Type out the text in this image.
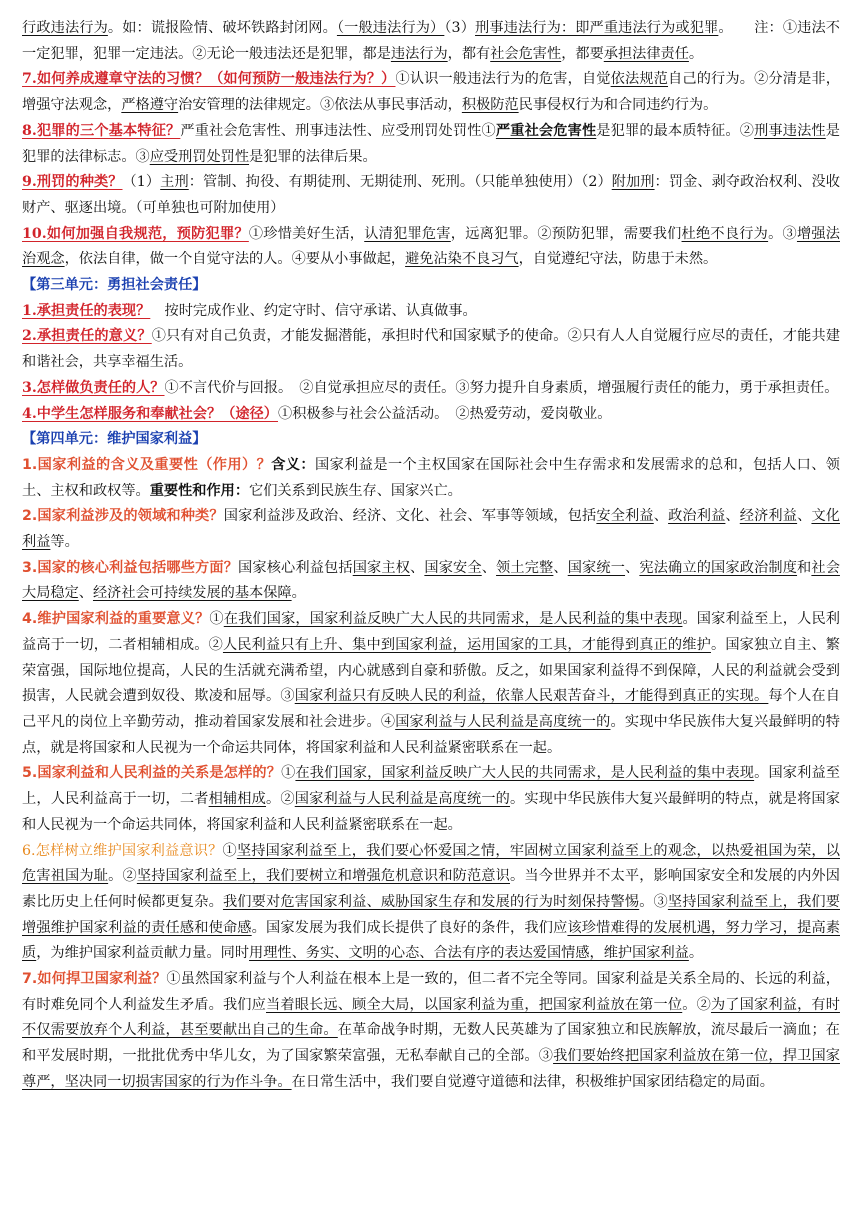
行政违法行为。如：谎报险情、破坏铁路封闭网。（一般违法行为）（3）刑事违法行为：即严重违法行为或犯罪。　　注：①违法不一定犯罪，犯罪一定违法。②无论一般违法还是犯罪，都是违法行为，都有社会危害性，都要承担法律责任。

7.如何养成遵章守法的习惯？（如何预防一般违法行为？）①认识一般违法行为的危害，自觉依法规范自己的行为。②分清是非，增强守法观念，严格遵守治安管理的法律规定。③依法从事民事活动，积极防范民事侵权行为和合同违约行为。

8.犯罪的三个基本特征？严重社会危害性、刑事违法性、应受刑罚处罚性①严重社会危害性是犯罪的最本质特征。②刑事违法性是犯罪的法律标志。③应受刑罚处罚性是犯罪的法律后果。

9.刑罚的种类？（1）主刑：管制、拘役、有期徒刑、无期徒刑、死刑。（只能单独使用）（2）附加刑：罚金、剥夺政治权利、没收财产、驱逐出境。（可单独也可附加使用）

10.如何加强自我规范，预防犯罪？①珍惜美好生活，认清犯罪危害，远离犯罪。②预防犯罪，需要我们杜绝不良行为。③增强法治观念，依法自律，做一个自觉守法的人。④要从小事做起，避免沾染不良习气，自觉遵纪守法，防患于未然。

【第三单元：勇担社会责任】

1.承担责任的表现？　按时完成作业、约定守时、信守承诺、认真做事。

2.承担责任的意义？①只有对自己负责，才能发掘潜能，承担时代和国家赋予的使命。②只有人人自觉履行应尽的责任，才能共建和谐社会，共享幸福生活。

3.怎样做负责任的人？①不言代价与回报。　②自觉承担应尽的责任。③努力提升自身素质，增强履行责任的能力，勇于承担责任。

4.中学生怎样服务和奉献社会？（途径）①积极参与社会公益活动。　②热爱劳动，爱岗敬业。

【第四单元：维护国家利益】

1.国家利益的含义及重要性（作用）？含义：国家利益是一个主权国家在国际社会中生存需求和发展需求的总和，包括人口、领土、主权和政权等。重要性和作用：它们关系到民族生存、国家兴亡。

2.国家利益涉及的领域和种类？国家利益涉及政治、经济、文化、社会、军事等领域，包括安全利益、政治利益、经济利益、文化利益等。

3.国家的核心利益包括哪些方面？国家核心利益包括国家主权、国家安全、领土完整、国家统一、宪法确立的国家政治制度和社会大局稳定、经济社会可持续发展的基本保障。

4.维护国家利益的重要意义？①在我们国家，国家利益反映广大人民的共同需求，是人民利益的集中表现。国家利益至上，人民利益高于一切，二者相辅相成。②人民利益只有上升、集中到国家利益，运用国家的工具，才能得到真正的维护。国家独立自主、繁荣富强，国际地位提高，人民的生活就充满希望，内心就感到自豪和骄傲。反之，如果国家利益得不到保障，人民的利益就会受到损害，人民就会遭到奴役、欺凌和屈辱。③国家利益只有反映人民的利益，依靠人民艰苦奋斗，才能得到真正的实现。每个人在自己平凡的岗位上辛勤劳动，推动着国家发展和社会进步。④国家利益与人民利益是高度统一的。实现中华民族伟大复兴最鲜明的特点，就是将国家和人民视为一个命运共同体，将国家利益和人民利益紧密联系在一起。

5.国家利益和人民利益的关系是怎样的？①在我们国家，国家利益反映广大人民的共同需求，是人民利益的集中表现。国家利益至上，人民利益高于一切，二者相辅相成。②国家利益与人民利益是高度统一的。实现中华民族伟大复兴最鲜明的特点，就是将国家和人民视为一个命运共同体，将国家利益和人民利益紧密联系在一起。

6.怎样树立维护国家利益意识？①坚持国家利益至上，我们要心怀爱国之情，牢固树立国家利益至上的观念，以热爱祖国为荣，以危害祖国为耻。②坚持国家利益至上，我们要树立和增强危机意识和防范意识。当今世界并不太平，影响国家安全和发展的内外因素比历史上任何时候都更复杂。我们要对危害国家利益、威胁国家生存和发展的行为时刻保持警惕。③坚持国家利益至上，我们要增强维护国家利益的责任感和使命感。国家发展为我们成长提供了良好的条件，我们应该珍惜难得的发展机遇，努力学习，提高素质，为维护国家利益贡献力量。同时用理性、务实、文明的心态、合法有序的表达爱国情感，维护国家利益。

7.如何捍卫国家利益？①虽然国家利益与个人利益在根本上是一致的，但二者不完全等同。国家利益是关系全局的、长远的利益，有时难免同个人利益发生矛盾。我们应当着眼长远、顾全大局，以国家利益为重，把国家利益放在第一位。②为了国家利益，有时不仅需要放弃个人利益，甚至要献出自己的生命。在革命战争时期，无数人民英雄为了国家独立和民族解放，流尽最后一滴血；在和平发展时期，一批批优秀中华儿女，为了国家繁荣富强，无私奉献自己的全部。③我们要始终把国家利益放在第一位，捍卫国家尊严，坚决同一切损害国家的行为作斗争。在日常生活中，我们要自觉遵守道德和法律，积极维护国家团结稳定的局面。
